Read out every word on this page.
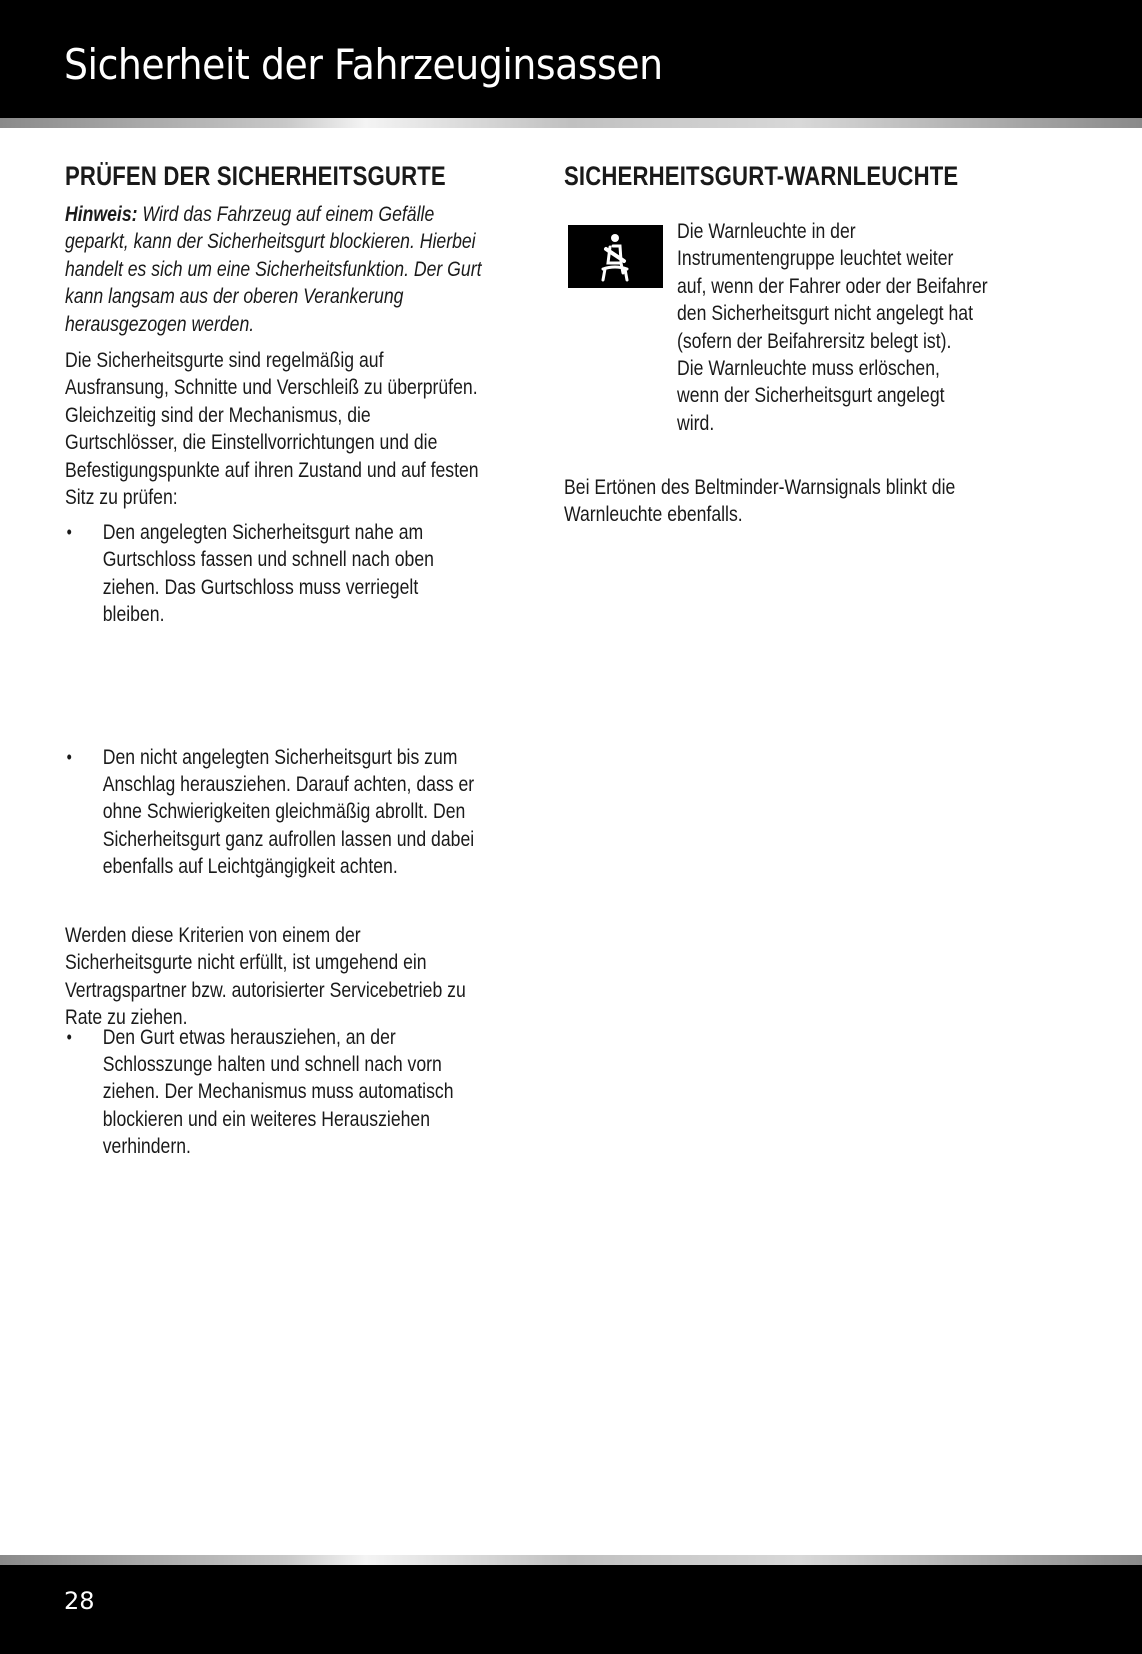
Sicherheit der Fahrzeuginsassen
PRÜFEN DER SICHERHEITSGURTE
Hinweis: Wird das Fahrzeug auf einem Gefälle
geparkt, kann der Sicherheitsgurt blockieren. Hierbei
handelt es sich um eine Sicherheitsfunktion. Der Gurt
kann langsam aus der oberen Verankerung
herausgezogen werden.
Die Sicherheitsgurte sind regelmäßig auf
Ausfransung, Schnitte und Verschleiß zu überprüfen.
Gleichzeitig sind der Mechanismus, die
Gurtschlösser, die Einstellvorrichtungen und die
Befestigungspunkte auf ihren Zustand und auf festen
Sitz zu prüfen:
• Den angelegten Sicherheitsgurt nahe am
Gurtschloss fassen und schnell nach oben
ziehen. Das Gurtschloss muss verriegelt
bleiben.
• Den nicht angelegten Sicherheitsgurt bis zum
Anschlag herausziehen. Darauf achten, dass er
ohne Schwierigkeiten gleichmäßig abrollt. Den
Sicherheitsgurt ganz aufrollen lassen und dabei
ebenfalls auf Leichtgängigkeit achten.
• Den Gurt etwas herausziehen, an der
Schlosszunge halten und schnell nach vorn
ziehen. Der Mechanismus muss automatisch
blockieren und ein weiteres Herausziehen
verhindern.
Werden diese Kriterien von einem der
Sicherheitsgurte nicht erfüllt, ist umgehend ein
Vertragspartner bzw. autorisierter Servicebetrieb zu
Rate zu ziehen.
SICHERHEITSGURT-WARNLEUCHTE
Die Warnleuchte in der
Instrumentengruppe leuchtet weiter
auf, wenn der Fahrer oder der Beifahrer
den Sicherheitsgurt nicht angelegt hat
(sofern der Beifahrersitz belegt ist).
Die Warnleuchte muss erlöschen,
wenn der Sicherheitsgurt angelegt
wird.
Bei Ertönen des Beltminder-Warnsignals blinkt die
Warnleuchte ebenfalls.
28
